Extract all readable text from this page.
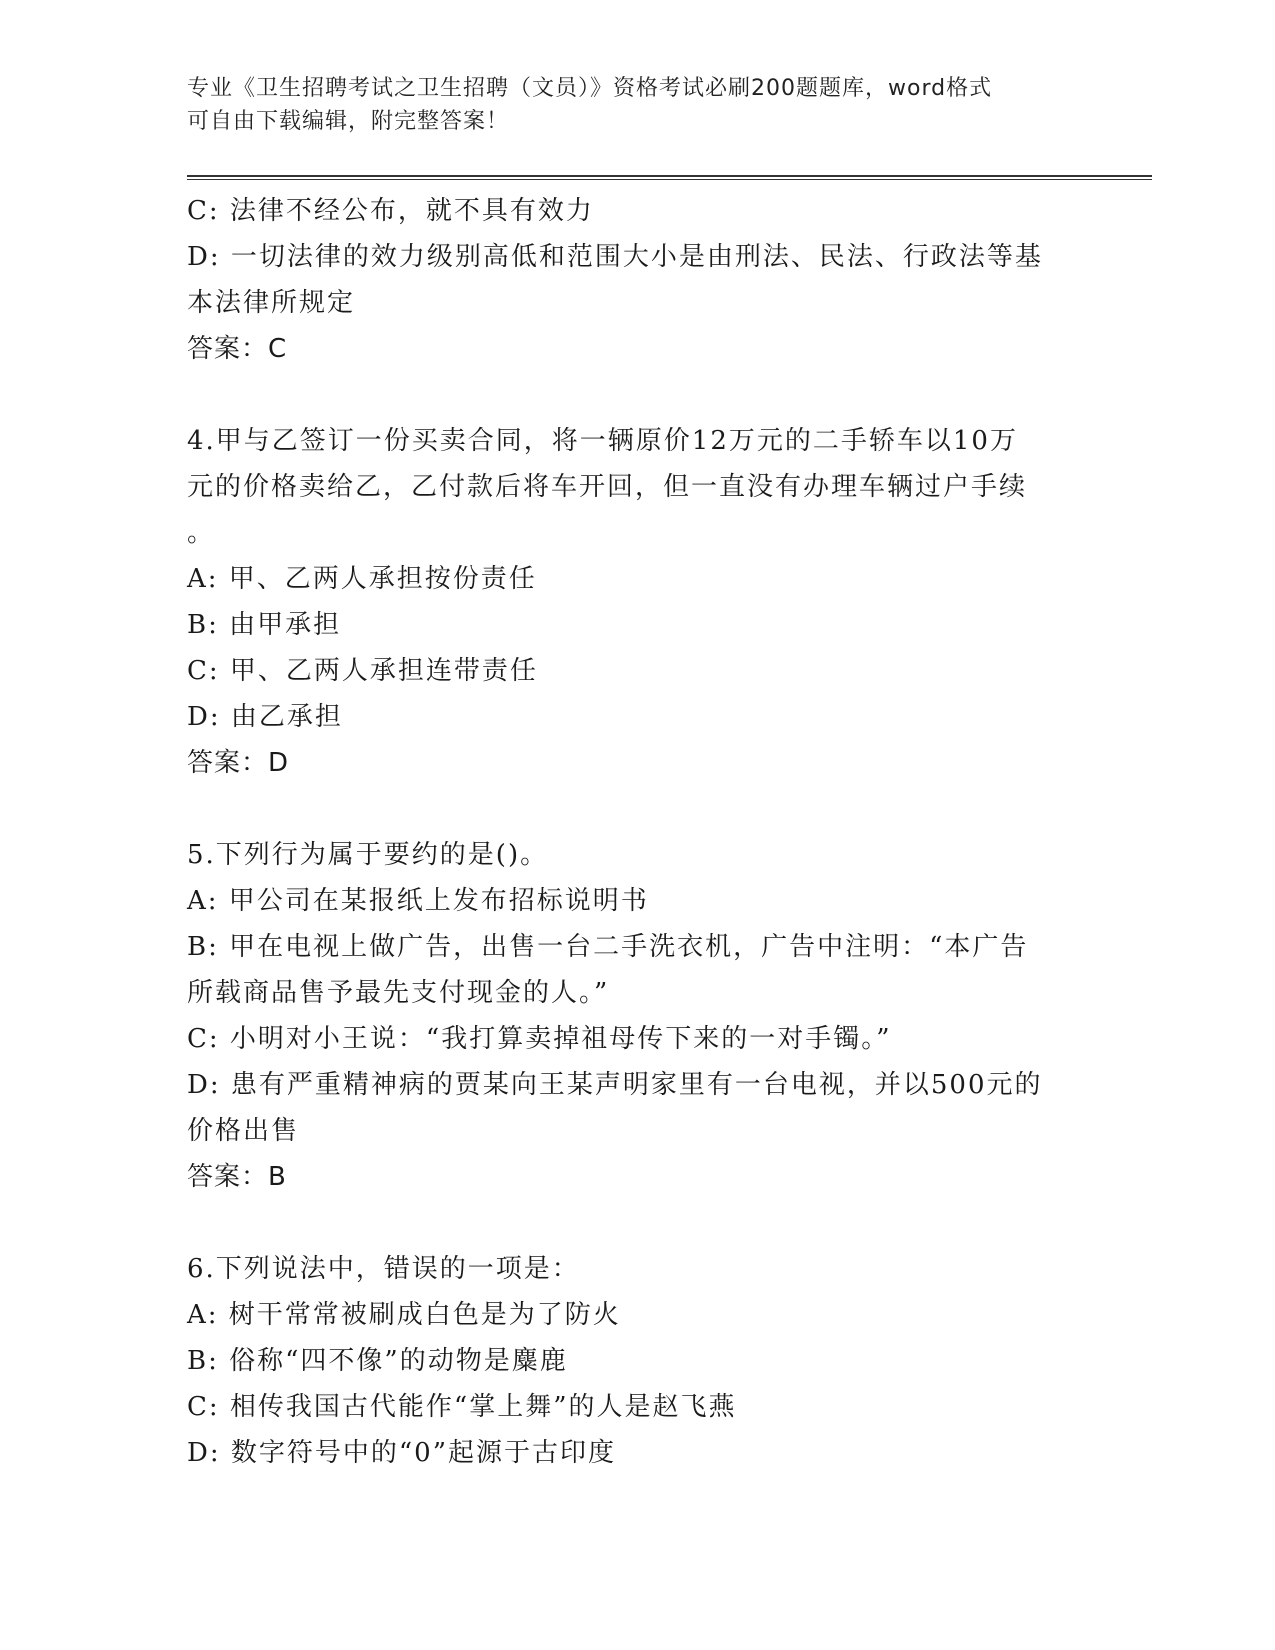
专业《卫生招聘考试之卫生招聘（文员）》资格考试必刷200题题库，word格式
可自由下载编辑，附完整答案！
C: 法律不经公布，就不具有效力
D: 一切法律的效力级别高低和范围大小是由刑法、民法、行政法等基
本法律所规定
答案：C
4.甲与乙签订一份买卖合同，将一辆原价12万元的二手轿车以10万
元的价格卖给乙，乙付款后将车开回，但一直没有办理车辆过户手续
。
A: 甲、乙两人承担按份责任
B: 由甲承担
C: 甲、乙两人承担连带责任
D: 由乙承担
答案：D
5.下列行为属于要约的是()。
A: 甲公司在某报纸上发布招标说明书
B: 甲在电视上做广告，出售一台二手洗衣机，广告中注明：“本广告
所载商品售予最先支付现金的人。”
C: 小明对小王说：“我打算卖掉祖母传下来的一对手镯。”
D: 患有严重精神病的贾某向王某声明家里有一台电视，并以500元的
价格出售
答案：B
6.下列说法中，错误的一项是：
A: 树干常常被刷成白色是为了防火
B: 俗称“四不像”的动物是麋鹿
C: 相传我国古代能作“掌上舞”的人是赵飞燕
D: 数字符号中的“0”起源于古印度
